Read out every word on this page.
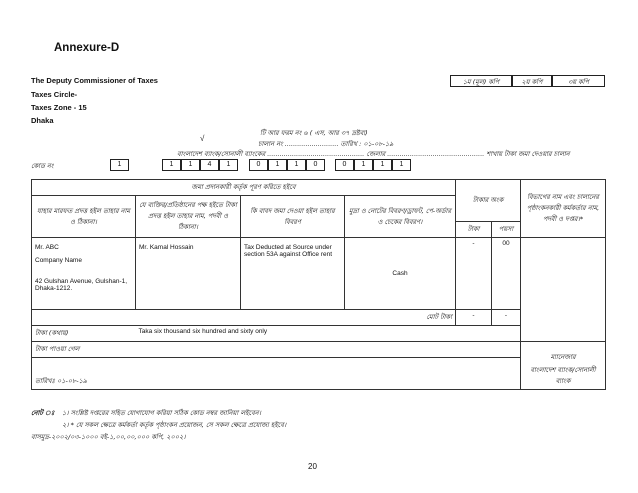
Annexure-D
The Deputy Commissioner of Taxes
Taxes Circle-
Taxes Zone - 15
Dhaka
১ম (মূল) কপি	২য় কপি	৩য় কপি
টি আর ফরম নং ৬ ( এস, আর ৩৭ দ্রষ্টব্য)
√
চালান নং .......................... তারিখ : ০১-০৮-১৯
বাংলাদেশ ব্যাংক/সোনালী ব্যাংকের ............................................... জেলার ............................................... শাখায় টাকা জমা দেওয়ার চালান
কোড নং	1	1	1	4	1	0	1	1	0	0	1	1	1
জমা প্রদানকারী কর্তৃক পূরণ করিতে হইবে				টাকার অংক		বিভাগের নাম এবং চালানের পৃষ্ঠাংকনকারী কর্মকর্তার নাম, পদবী ও দপ্তর।*
যাহার মারফত প্রদত্ত হইল তাহার নাম ও ঠিকানা।	যে ব্যক্তির/প্রতিষ্ঠানের পক্ষ হইতে টাকা প্রদত্ত হইল তাহার নাম, পদবী ও ঠিকানা।	কি বাবদ জমা দেওয়া হইল তাহার বিবরণ	মুদ্রা ও নোটের বিবরণ/ড্রাফট, পে-অর্ডার ও চেকের বিবরণ।			
				টাকা	পয়সা	

Mr. ABC
Company Name
42 Gulshan Avenue, Gulshan-1, Dhaka-1212.	Mr. Kamal Hossain	Tax Deducted at Source under section 53A against Office rent	Cash	-	00	
মোট টাকা				-	-	
টাকা (কথায়)	Taka six thousand six hundred and sixty only					
টাকা পাওয়া গেল						ম্যানেজার
বাংলাদেশ ব্যাংক/সোনালী ব্যাংক

তারিখঃ ০১-০৮-১৯						
নোট ঃ ১। সংশ্লিষ্ট দপ্তরের সহিত যোগাযোগ করিয়া সঠিক কোড নম্বর জানিয়া লইবেন।
২। * যে সকল ক্ষেত্রে কর্মকর্তা কর্তৃক পৃষ্ঠাংকন প্রয়োজন, সে সকল ক্ষেত্রে প্রযোজ্য হইবে।
বাসমুদ্র-২০০২/০৩-১০০০ বই-১,০০,০০,০০০ কপি, ২০০২।
20
